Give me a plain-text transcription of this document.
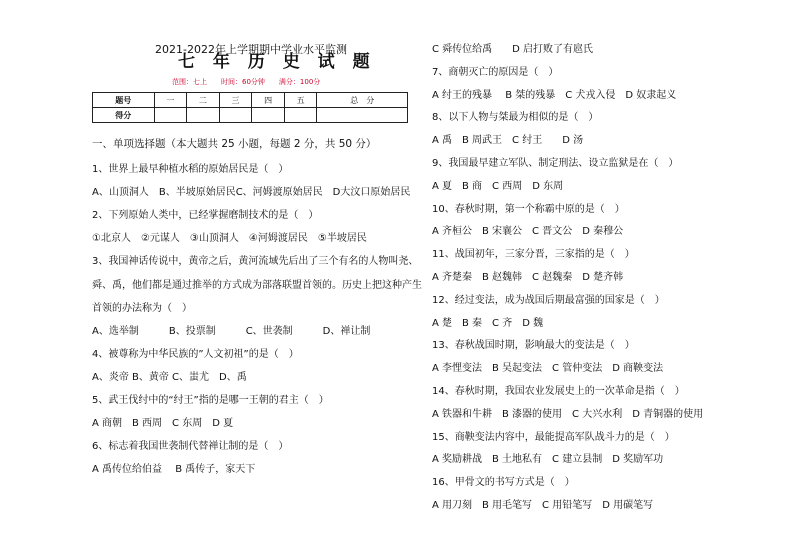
2021-2022年上学期期中学业水平监测
七 年 历 史 试 题
范围：七上　　时间：60分钟　　满分：100分
题号	一	二	三	四	五	总　分
得分						
一、单项选择题（本大题共 25 小题，每题 2 分，共 50 分）
1、世界上最早种植水稻的原始居民是（　）
A、山顶洞人　B、半坡原始居民C、河姆渡原始居民　D大汶口原始居民
2、下列原始人类中，已经掌握磨制技术的是（　）
①北京人　②元谋人　③山顶洞人　④河姆渡居民　⑤半坡居民
3、我国神话传说中，黄帝之后，黄河流域先后出了三个有名的人物叫尧、
舜、禹，他们都是通过推举的方式成为部落联盟首领的。历史上把这种产生
首领的办法称为（　）
A、选举制　　　B、投票制　　　C、世袭制　　　D、禅让制
4、被尊称为中华民族的”人文初祖”的是（　）
A、炎帝 B、黄帝 C、蚩尤　D、禹
5、武王伐纣中的“纣王”指的是哪一王朝的君主（　）
A 商朝　B 西周　C 东周　D 夏
6、标志着我国世袭制代替禅让制的是（　）
A 禹传位给伯益　 B 禹传子，家天下
C 舜传位给禹　　D 启打败了有扈氏
7、商朝灭亡的原因是（　）
A 纣王的残暴　 B 桀的残暴　C 犬戎入侵　D 奴隶起义
8、以下人物与桀最为相似的是（　）
A 禹　B 周武王　C 纣王　　D 汤
9、我国最早建立军队、制定刑法、设立监狱是在（　）
A 夏　B 商　C 西周　D 东周
10、春秋时期，第一个称霸中原的是（　）
A 齐桓公　B 宋襄公　C 晋文公　D 秦穆公
11、战国初年，三家分晋，三家指的是（　）
A 齐楚秦　B 赵魏韩　C 赵魏秦　D 楚齐韩
12、经过变法，成为战国后期最富强的国家是（　）
A 楚　B 秦　C 齐　D 魏
13、春秋战国时期，影响最大的变法是（　）
A 李悝变法　B 吴起变法　C 管仲变法　D 商鞅变法
14、春秋时期，我国农业发展史上的一次革命是指（　）
A 铁器和牛耕　B 漆器的使用　C 大兴水利　D 青铜器的使用
15、商鞅变法内容中，最能提高军队战斗力的是（　）
A 奖励耕战　B 土地私有　C 建立县制　D 奖励军功
16、甲骨文的书写方式是（　）
A 用刀刻　B 用毛笔写　C 用铅笔写　D 用碳笔写
